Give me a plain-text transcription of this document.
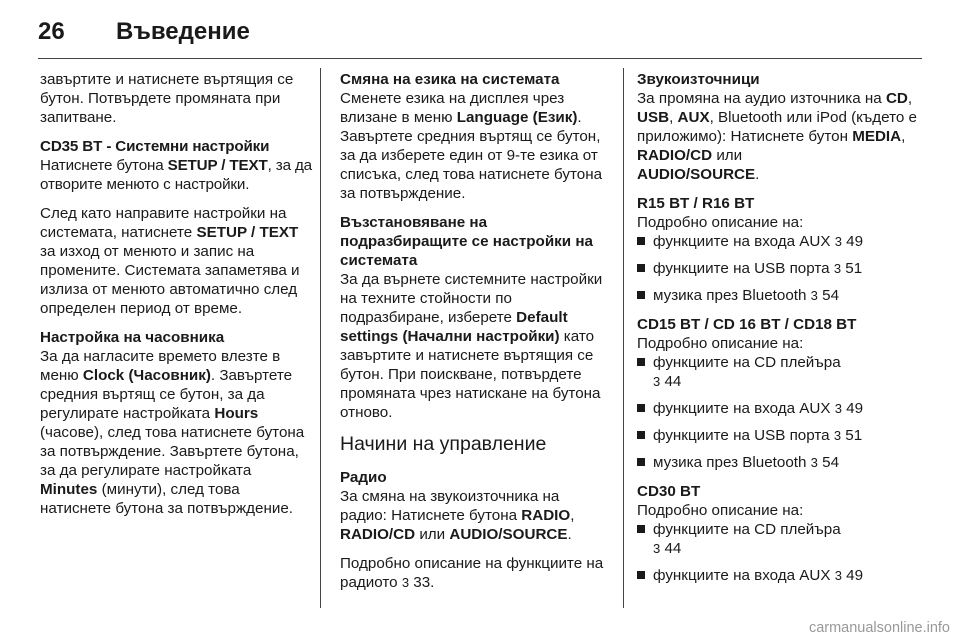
26 Въведение

завъртите и натиснете въртящия се бутон. Потвърдете промяната при запитване.

CD35 BT - Системни настройки
Натиснете бутона SETUP / TEXT, за да отворите менюто с настройки.

След като направите настройки на системата, натиснете SETUP / TEXT за изход от менюто и запис на промените. Системата запаметява и излиза от менюто автоматично след определен период от време.

Настройка на часовника
За да нагласите времето влезте в меню Clock (Часовник). Завъртете средния въртящ се бутон, за да регулирате настройката Hours (часове), след това натиснете бутона за потвърждение. Завъртете бутона, за да регулирате настройката Minutes (минути), след това натиснете бутона за потвърждение.

Смяна на езика на системата
Сменете езика на дисплея чрез влизане в меню Language (Език). Завъртете средния въртящ се бутон, за да изберете един от 9-те езика от списъка, след това натиснете бутона за потвърждение.

Възстановяване на подразбиращите се настройки на системата
За да върнете системните настройки на техните стойности по подразбиране, изберете Default settings (Начални настройки) като завъртите и натиснете въртящия се бутон. При поискване, потвърдете промяната чрез натискане на бутона отново.

Начини на управление

Радио
За смяна на звукоизточника на радио: Натиснете бутона RADIO, RADIO/CD или AUDIO/SOURCE.

Подробно описание на функциите на радиото 3 33.

Звукоизточници
За промяна на аудио източника на CD, USB, AUX, Bluetooth или iPod (където е приложимо): Натиснете бутон MEDIA, RADIO/CD или
AUDIO/SOURCE.

R15 BT / R16 BT
Подробно описание на:

функциите на входа AUX 3 49
функциите на USB порта 3 51
музика през Bluetooth 3 54

CD15 BT / CD 16 BT / CD18 BT
Подробно описание на:

функциите на CD плейъра
3 44
функциите на входа AUX 3 49
функциите на USB порта 3 51
музика през Bluetooth 3 54

CD30 BT
Подробно описание на:

функциите на CD плейъра
3 44
функциите на входа AUX 3 49
carmanualsonline.info
